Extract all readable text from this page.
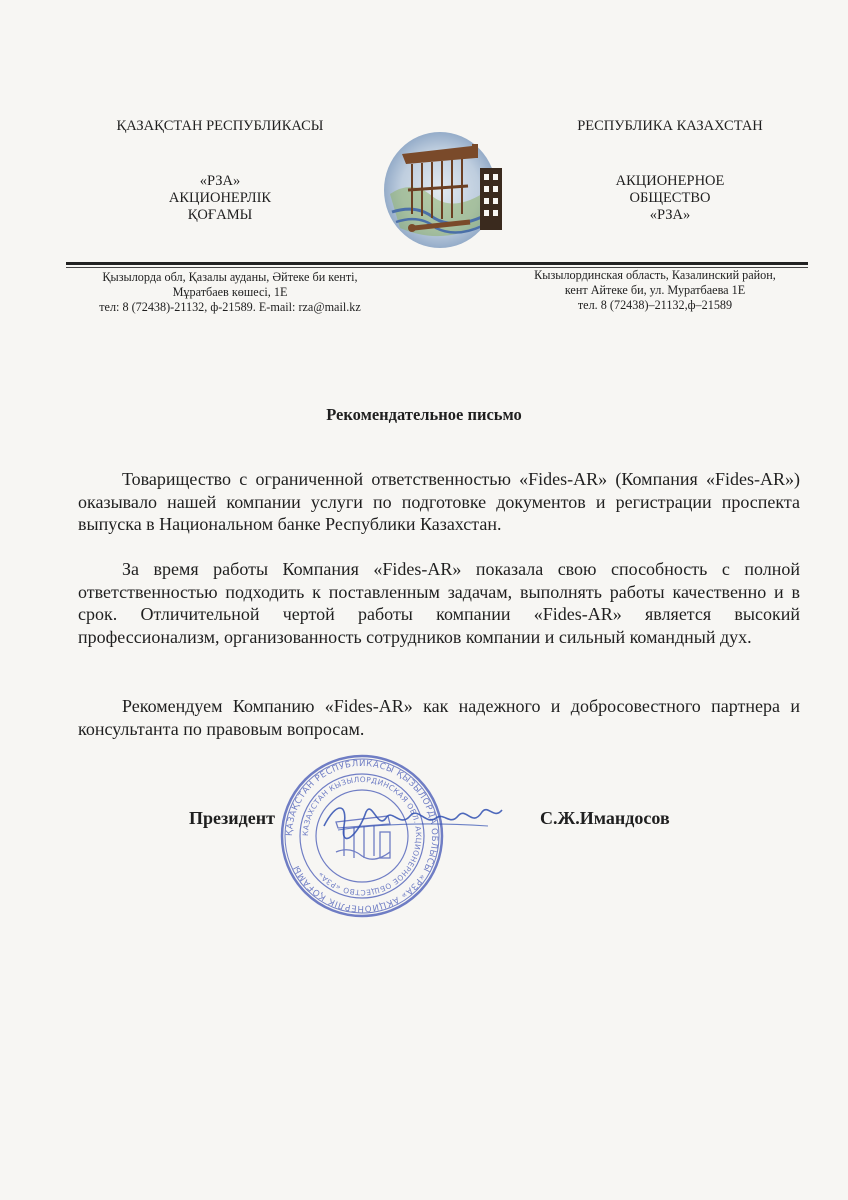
ҚАЗАҚСТАН РЕСПУБЛИКАСЫ
«РЗА»
АКЦИОНЕРЛІК
ҚОҒАМЫ
РЕСПУБЛИКА КАЗАХСТАН
АКЦИОНЕРНОЕ
ОБЩЕСТВО
«РЗА»
Қызылорда обл, Қазалы ауданы, Әйтеке би кенті,
Мұратбаев көшесі, 1Е
тел: 8 (72438)-21132, ф-21589. E-mail: rza@mail.kz
Кызылординская область, Казалинский район,
кент Айтеке би, ул. Муратбаева 1Е
тел. 8 (72438)–21132,ф–21589
Рекомендательное письмо

Товарищество с ограниченной ответственностью «Fides-AR» (Компания «Fides-AR») оказывало нашей компании услуги по подготовке документов и регистрации проспекта выпуска в Национальном банке Республики Казахстан.

За время работы Компания «Fides-AR» показала свою способность с полной ответственностью подходить к поставленным задачам, выполнять работы качественно и в срок. Отличительной чертой работы компании «Fides-AR» является высокий профессионализм, организованность сотрудников компании и сильный командный дух.

Рекомендуем Компанию «Fides-AR» как надежного и добросовестного партнера и консультанта по правовым вопросам.

ҚАЗАҚСТАН РЕСПУБЛИКАСЫ ҚЫЗЫЛОРДА ОБЛЫСЫ «РЗА» АКЦИОНЕРЛІК ҚОҒАМЫ
КАЗАХСТАН КЫЗЫЛОРДИНСКАЯ ОБЛ. АКЦИОНЕРНОЕ ОБЩЕСТВО «РЗА»
Президент	С.Ж.Имандосов
